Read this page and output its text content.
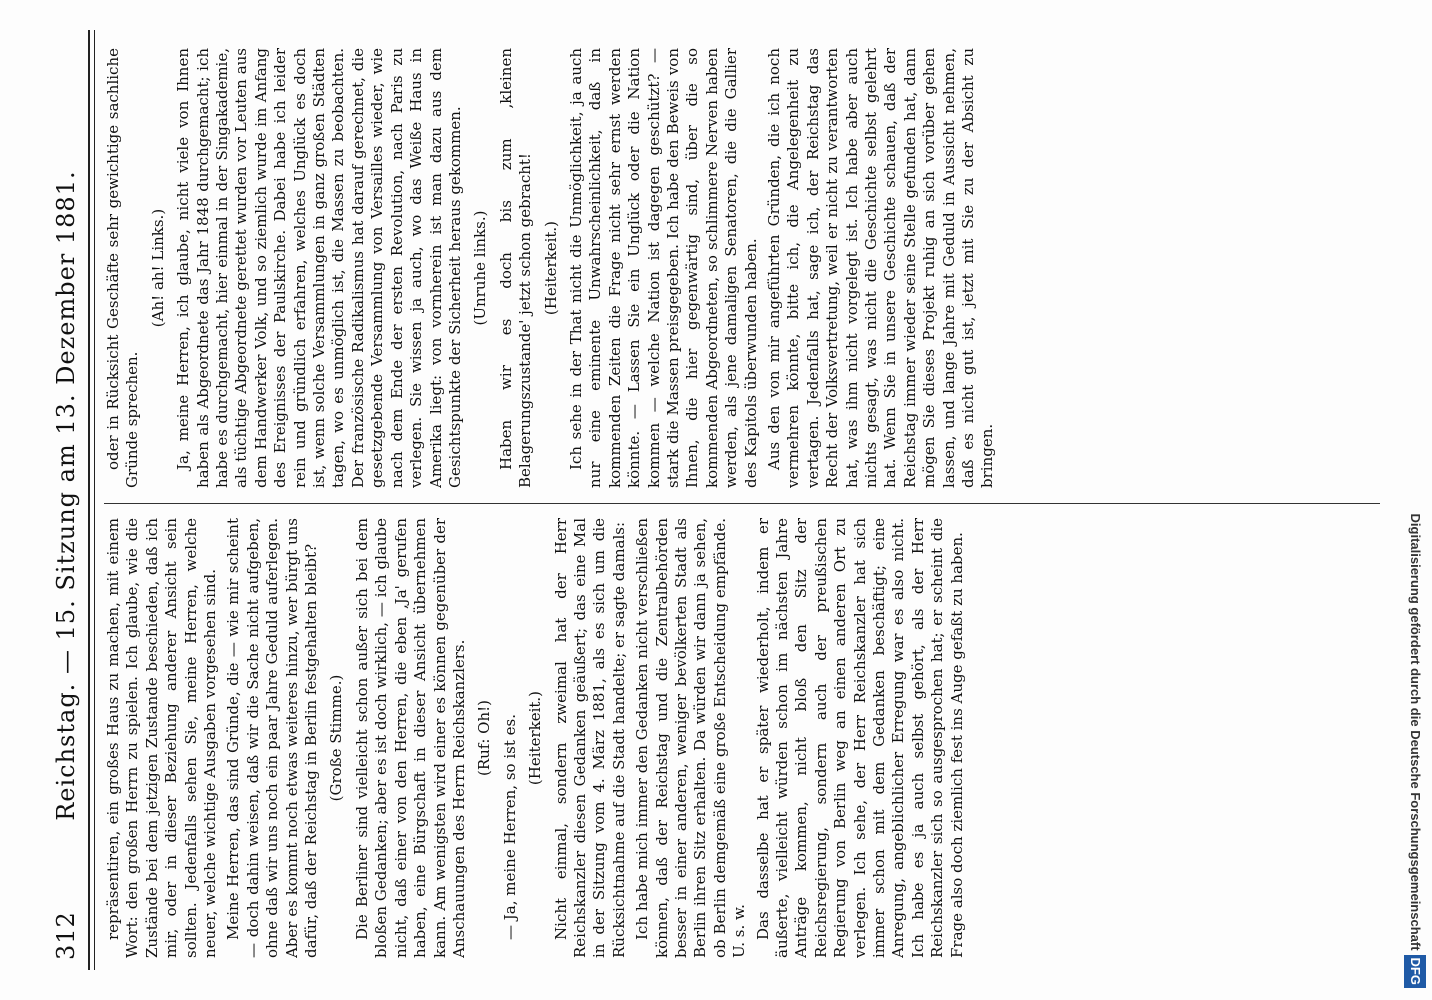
312
Reichstag. — 15. Sitzung am 13. Dezember 1881. repräsentiren, ein großes Haus zu machen, mit einem Wort: den großen Herrn zu spielen. Ich glaube, wie die Zustände bei dem jetzigen Zustande beschieden, daß ich mir, oder in dieser Beziehung anderer Ansicht sein sollten. Jedenfalls sehen Sie, meine Herren, welche neuer, welche wichtige Ausgaben vorgesehen sind. Meine Herren, das sind Gründe, die — wie mir scheint — doch dahin weisen, daß wir die Sache nicht aufgeben, ohne daß wir uns noch ein paar Jahre Geduld auferlegen. Aber es kommt noch etwas weiteres hinzu, wer bürgt uns dafür, daß der Reichstag in Berlin festgehalten bleibt? (Große Stimme.) Die Berliner sind vielleicht schon außer sich bei dem bloßen Gedanken; aber es ist doch wirklich, — ich glaube nicht, daß einer von den Herren, die eben ,Ja' gerufen haben, eine Bürgschaft in dieser Ansicht übernehmen kann. Am wenigsten wird einer es können gegenüber der Anschauungen des Herrn Reichskanzlers. (Ruf: Oh!) — Ja, meine Herren, so ist es. (Heiterkeit.) Nicht einmal, sondern zweimal hat der Herr Reichskanzler diesen Gedanken geäußert; das eine Mal in der Sitzung vom 4. März 1881, als es sich um die Rücksichtnahme auf die Stadt handelte; er sagte damals: Ich habe mich immer den Gedanken nicht verschließen können, daß der Reichstag und die Zentralbehörden besser in einer anderen, weniger bevölkerten Stadt als Berlin ihren Sitz erhalten. Da würden wir dann ja sehen, ob Berlin demgemäß eine große Entscheidung empfände. U. s. w. Das dasselbe hat er später wiederholt, indem er äußerte, vielleicht würden schon im nächsten Jahre Anträge kommen, nicht bloß den Sitz der Reichsregierung, sondern auch der preußischen Regierung von Berlin weg an einen anderen Ort zu verlegen. Ich sehe, der Herr Reichskanzler hat sich immer schon mit dem Gedanken beschäftigt; eine Anregung, angeblichlicher Erregung war es also nicht. Ich habe es ja auch selbst gehört, als der Herr Reichskanzler sich so ausgesprochen hat; er scheint die Frage also doch ziemlich fest ins Auge gefaßt zu haben.

oder in Rücksicht Geschäfte sehr gewichtige sachliche Gründe sprechen.

(Ah! ah! Links.) Ja, meine Herren, ich glaube, nicht viele von Ihnen haben als Abgeordnete das Jahr 1848 durchgemacht; ich habe es durchgemacht, hier einmal in der Singakademie, als tüchtige Abgeordnete gerettet wurden vor Leuten aus dem Handwerker Volk, und so ziemlich wurde im Anfang des Ereignisses der Paulskirche. Dabei habe ich leider rein und gründlich erfahren, welches Unglück es doch ist, wenn solche Versammlungen in ganz großen Städten tagen, wo es unmöglich ist, die Massen zu beobachten. Der französische Radikalismus hat darauf gerechnet, die gesetzgebende Versammlung von Versailles wieder, wie nach dem Ende der ersten Revolution, nach Paris zu verlegen. Sie wissen ja auch, wo das Weiße Haus in Amerika liegt: von vornherein ist man dazu aus dem Gesichtspunkte der Sicherheit heraus gekommen. (Unruhe links.) Haben wir es doch bis zum ,kleinen Belagerungszustande' jetzt schon gebracht! (Heiterkeit.) Ich sehe in der That nicht die Unmöglichkeit, ja auch nur eine eminente Unwahrscheinlichkeit, daß in kommenden Zeiten die Frage nicht sehr ernst werden könnte. — Lassen Sie ein Unglück oder die Nation kommen — welche Nation ist dagegen geschützt? — stark die Massen preisgegeben. Ich habe den Beweis von Ihnen, die hier gegenwärtig sind, über die so kommenden Abgeordneten, so schlimmere Nerven haben werden, als jene damaligen Senatoren, die die Gallier des Kapitols überwunden haben. Aus den von mir angeführten Gründen, die ich noch vermehren könnte, bitte ich, die Angelegenheit zu vertagen. Jedenfalls hat, sage ich, der Reichstag das Recht der Volksvertretung, weil er nicht zu verantworten hat, was ihm nicht vorgelegt ist. Ich habe aber auch nichts gesagt, was nicht die Geschichte selbst gelehrt hat. Wenn Sie in unsere Geschichte schauen, daß der Reichstag immer wieder seine Stelle gefunden hat, dann mögen Sie dieses Projekt ruhig an sich vorüber gehen lassen, und lange Jahre mit Geduld in Aussicht nehmen, daß es nicht gut ist, jetzt mit Sie zu der Absicht zu bringen.

Digitalisierung gefördert durch die Deutsche ForschungsgemeinschaftDFG
